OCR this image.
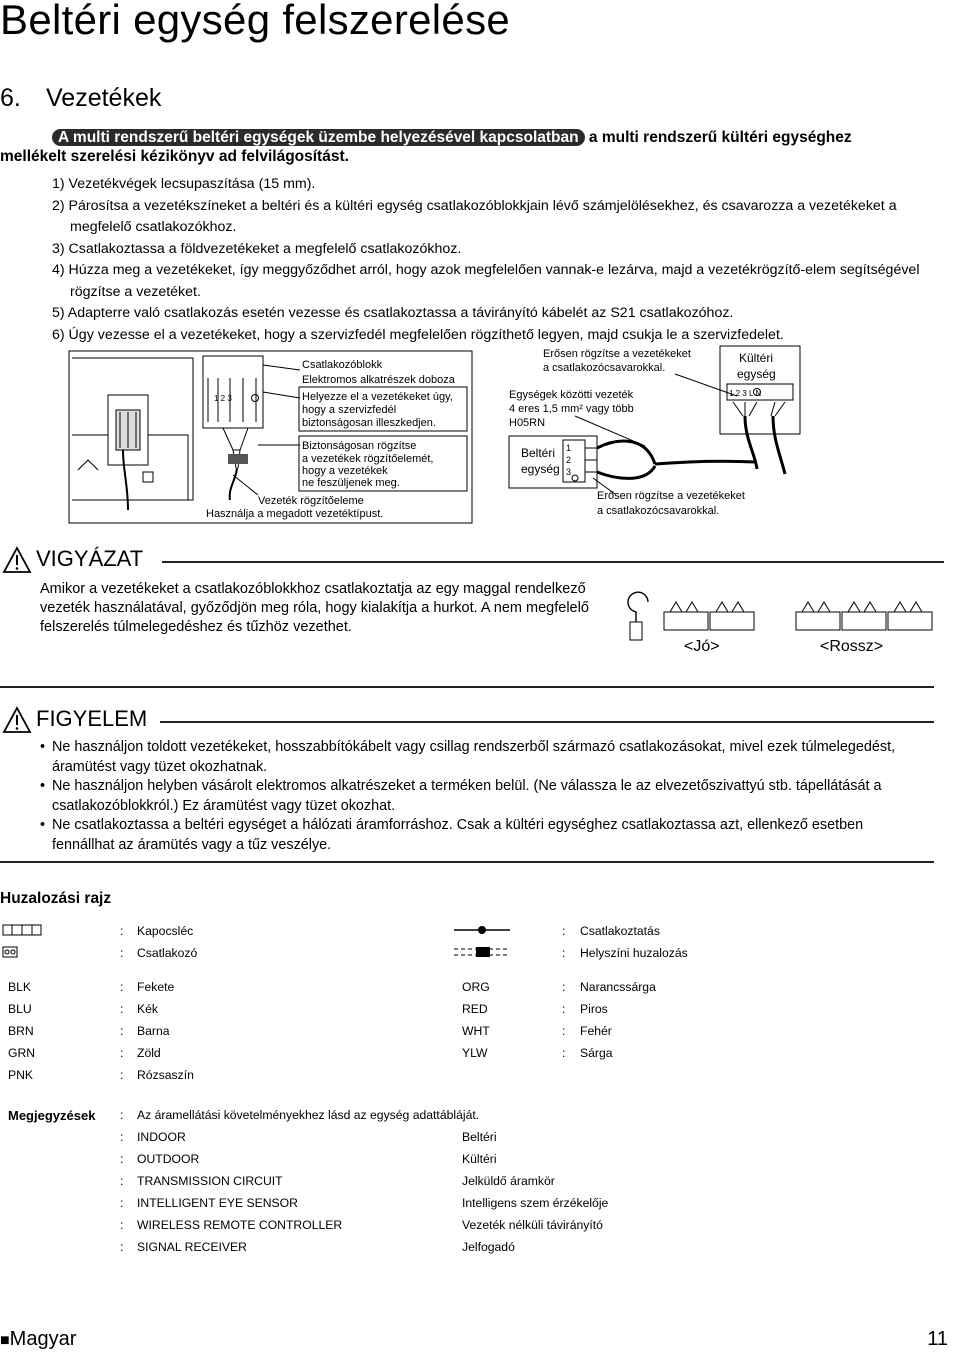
Beltéri egység felszerelése
6. Vezetékek
A multi rendszerű beltéri egységek üzembe helyezésével kapcsolatban a multi rendszerű kültéri egységhez
mellékelt szerelési kézikönyv ad felvilágosítást.
1) Vezetékvégek lecsupaszítása (15 mm).
2) Párosítsa a vezetékszíneket a beltéri és a kültéri egység csatlakozóblokkjain lévő számjelölésekhez, és csavarozza a vezetékeket a megfelelő csatlakozókhoz.
3) Csatlakoztassa a földvezetékeket a megfelelő csatlakozókhoz.
4) Húzza meg a vezetékeket, így meggyőződhet arról, hogy azok megfelelően vannak-e lezárva, majd a vezetékrögzítő-elem segítségével rögzítse a vezetéket.
5) Adapterre való csatlakozás esetén vezesse és csatlakoztassa a távirányító kábelét az S21 csatlakozóhoz.
6) Úgy vezesse el a vezetékeket, hogy a szervizfedél megfelelően rögzíthető legyen, majd csukja le a szervizfedelet.
1 2 3
Csatlakozóblokk
Elektromos alkatrészek doboza
Helyezze el a vezetékeket úgy,
hogy a szervizfedél
biztonságosan illeszkedjen.
Biztonságosan rögzítse
a vezetékek rögzítőelemét,
hogy a vezetékek
ne feszüljenek meg.
Vezeték rögzítőeleme
Használja a megadott vezetéktípust.
Erősen rögzítse a vezetékeket
a csatlakozócsavarokkal.
Kültéri
egység
1 2 3 L N
Egységek közötti vezeték
4 eres 1,5 mm² vagy több
H05RN
Beltéri
egység
1
2
3
Erősen rögzítse a vezetékeket
a csatlakozócsavarokkal.
VIGYÁZAT
Amikor a vezetékeket a csatlakozóblokkhoz csatlakoztatja az egy maggal rendelkező vezeték használatával, győződjön meg róla, hogy kialakítja a hurkot. A nem megfelelő felszerelés túlmelegedéshez és tűzhöz vezethet.
<Jó>	<Rossz>
FIGYELEM
• Ne használjon toldott vezetékeket, hosszabbítókábelt vagy csillag rendszerből származó csatlakozásokat, mivel ezek túlmelegedést, áramütést vagy tüzet okozhatnak.
• Ne használjon helyben vásárolt elektromos alkatrészeket a terméken belül. (Ne válassza le az elvezetőszivattyú stb. tápellátását a csatlakozóblokkról.) Ez áramütést vagy tüzet okozhat.
• Ne csatlakoztassa a beltéri egységet a hálózati áramforráshoz. Csak a kültéri egységhez csatlakoztassa azt, ellenkező esetben fennállhat az áramütés vagy a tűz veszélye.
Huzalozási rajz
: Kapocsléc	: Csatlakoztatás
: Csatlakozó	: Helyszíni huzalozás
BLK	: Fekete
BLU	: Kék
BRN	: Barna
GRN	: Zöld
PNK	: Rózsaszín
ORG	: Narancssárga
RED	: Piros
WHT	: Fehér
YLW	: Sárga
Megjegyzések : Az áramellátási követelményekhez lásd az egység adattábláját.
: INDOOR	Beltéri
: OUTDOOR	Kültéri
: TRANSMISSION CIRCUIT	Jelküldő áramkör
: INTELLIGENT EYE SENSOR	Intelligens szem érzékelője
: WIRELESS REMOTE CONTROLLER	Vezeték nélküli távirányító
: SIGNAL RECEIVER	Jelfogadó
■Magyar	11
